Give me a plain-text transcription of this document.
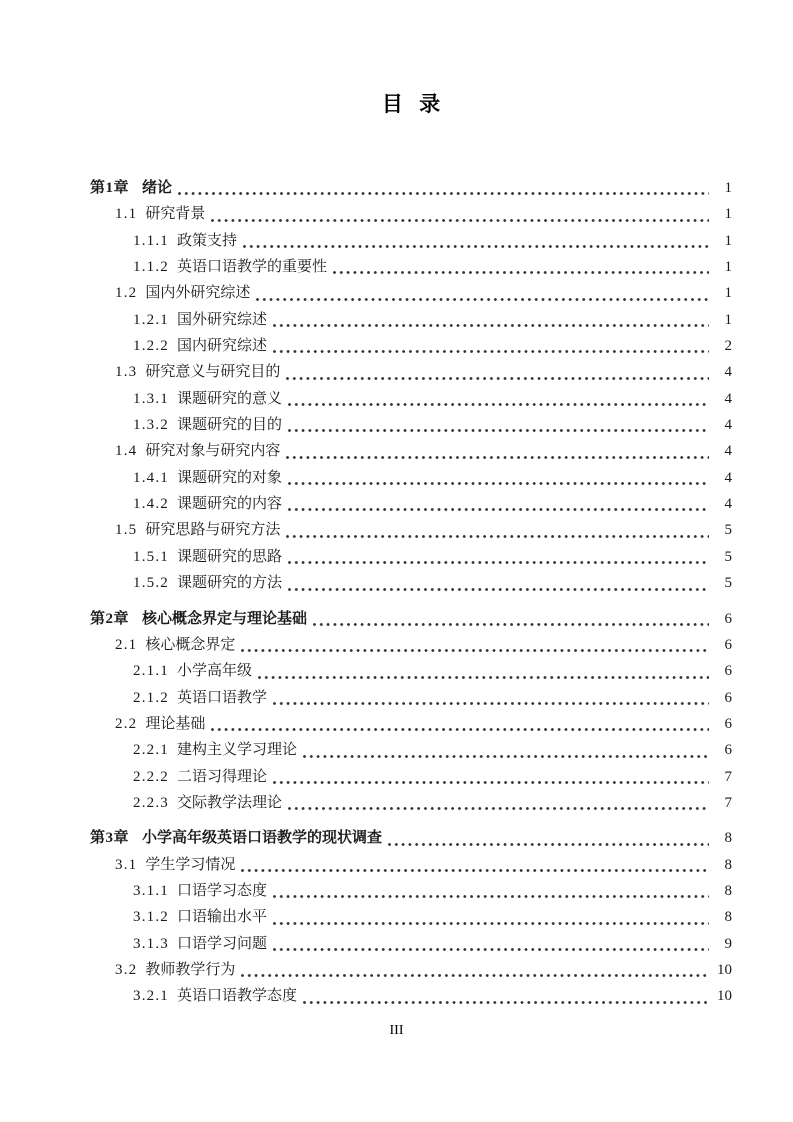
目 录
第1章 绪论	1
1.1 研究背景	1
1.1.1 政策支持	1
1.1.2 英语口语教学的重要性	1
1.2 国内外研究综述	1
1.2.1 国外研究综述	1
1.2.2 国内研究综述	2
1.3 研究意义与研究目的	4
1.3.1 课题研究的意义	4
1.3.2 课题研究的目的	4
1.4 研究对象与研究内容	4
1.4.1 课题研究的对象	4
1.4.2 课题研究的内容	4
1.5 研究思路与研究方法	5
1.5.1 课题研究的思路	5
1.5.2 课题研究的方法	5
第2章 核心概念界定与理论基础	6
2.1 核心概念界定	6
2.1.1 小学高年级	6
2.1.2 英语口语教学	6
2.2 理论基础	6
2.2.1 建构主义学习理论	6
2.2.2 二语习得理论	7
2.2.3 交际教学法理论	7
第3章 小学高年级英语口语教学的现状调查	8
3.1 学生学习情况	8
3.1.1 口语学习态度	8
3.1.2 口语输出水平	8
3.1.3 口语学习问题	9
3.2 教师教学行为	10
3.2.1 英语口语教学态度	10
III
